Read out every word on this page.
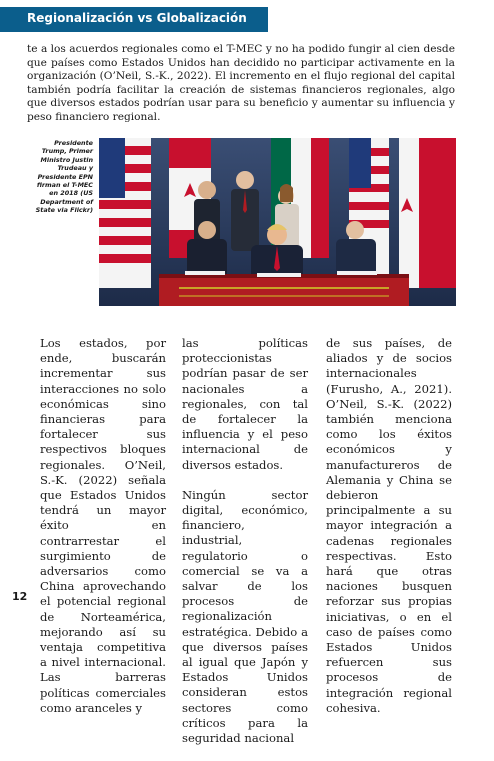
Regionalización vs Globalización

te a los acuerdos regionales como el T-MEC y no ha podido fungir al cien desde que países como Estados Unidos han decidido no participar activamente en la organización (O’Neil, S.-K., 2022). El incremento en el flujo regional del capital también podría facilitar la creación de sistemas financieros regionales, algo que diversos estados podrían usar para su beneficio y aumentar su influencia y peso financiero regional.

Presidente Trump, Primer Ministro Justin Trudeau y Presidente EPN firman el T-MEC en 2018 (US Department of State via Flickr)

Los estados, por ende, buscarán incrementar sus interacciones no solo económicas sino financieras para fortalecer sus respectivos bloques regionales. O’Neil, S.-K. (2022) señala que Estados Unidos tendrá un mayor éxito en contrarrestar el surgimiento de adversarios como China aprovechando el potencial regional de Norteamérica, mejorando así su ventaja competitiva a nivel internacional. Las barreras políticas comerciales como aranceles y

las políticas proteccionistas podrían pasar de ser nacionales a regionales, con tal de fortalecer la influencia y el peso internacional de diversos estados.

Ningún sector digital, económico, financiero, industrial, regulatorio o comercial se va a salvar de los procesos de regionalización estratégica. Debido a que diversos países al igual que Japón y Estados Unidos consideran estos sectores como críticos para la seguridad nacional

de sus países, de aliados y de socios internacionales (Furusho, A., 2021). O’Neil, S.-K. (2022) también menciona como los éxitos económicos y manufactureros de Alemania y China se debieron principalmente a su mayor integración a cadenas regionales respectivas. Esto hará que otras naciones busquen reforzar sus propias iniciativas, o en el caso de países como Estados Unidos refuercen sus procesos de integración regional cohesiva.

12
